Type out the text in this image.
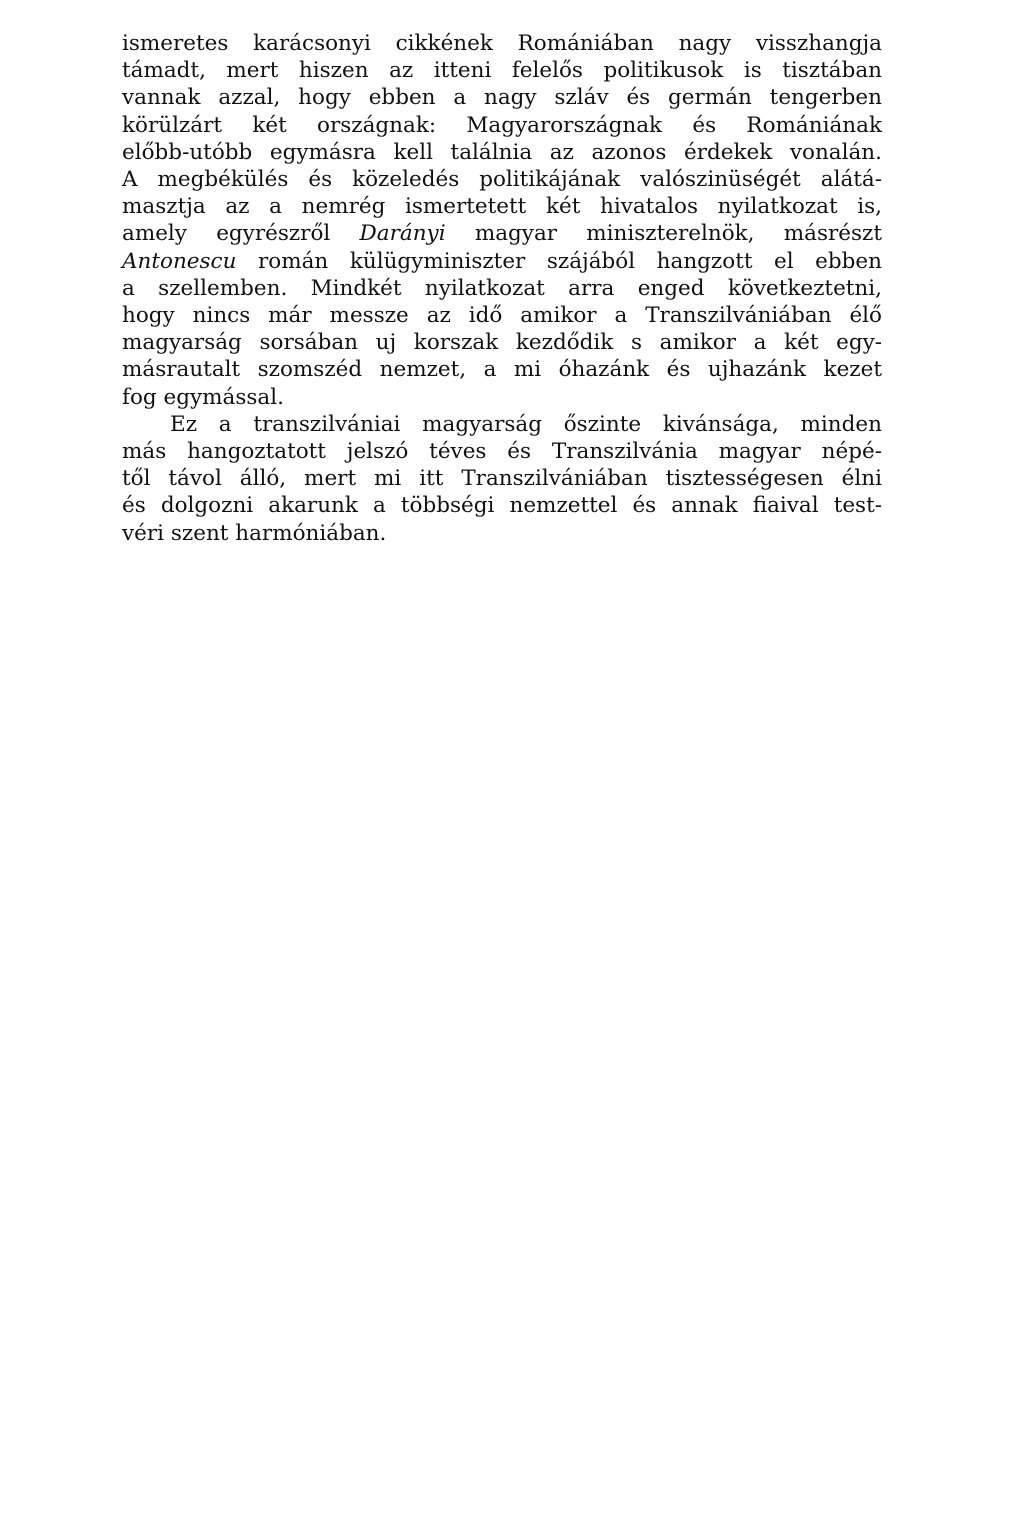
ismeretes karácsonyi cikkének Romániában nagy visszhangja
támadt, mert hiszen az itteni felelős politikusok is tisztában
vannak azzal, hogy ebben a nagy szláv és germán tengerben
körülzárt két országnak: Magyarországnak és Romániának
előbb-utóbb egymásra kell találnia az azonos érdekek vonalán.
A megbékülés és közeledés politikájának valószinüségét alátá-
masztja az a nemrég ismertetett két hivatalos nyilatkozat is,
amely egyrészről Darányi magyar miniszterelnök, másrészt
Antonescu román külügyminiszter szájából hangzott el ebben
a szellemben. Mindkét nyilatkozat arra enged következtetni,
hogy nincs már messze az idő amikor a Transzilvániában élő
magyarság sorsában uj korszak kezdődik s amikor a két egy-
másrautalt szomszéd nemzet, a mi óhazánk és ujhazánk kezet
fog egymással.
Ez a transzilvániai magyarság őszinte kivánsága, minden
más hangoztatott jelszó téves és Transzilvánia magyar népé-
től távol álló, mert mi itt Transzilvániában tisztességesen élni
és dolgozni akarunk a többségi nemzettel és annak fiaival test-
véri szent harmóniában.
